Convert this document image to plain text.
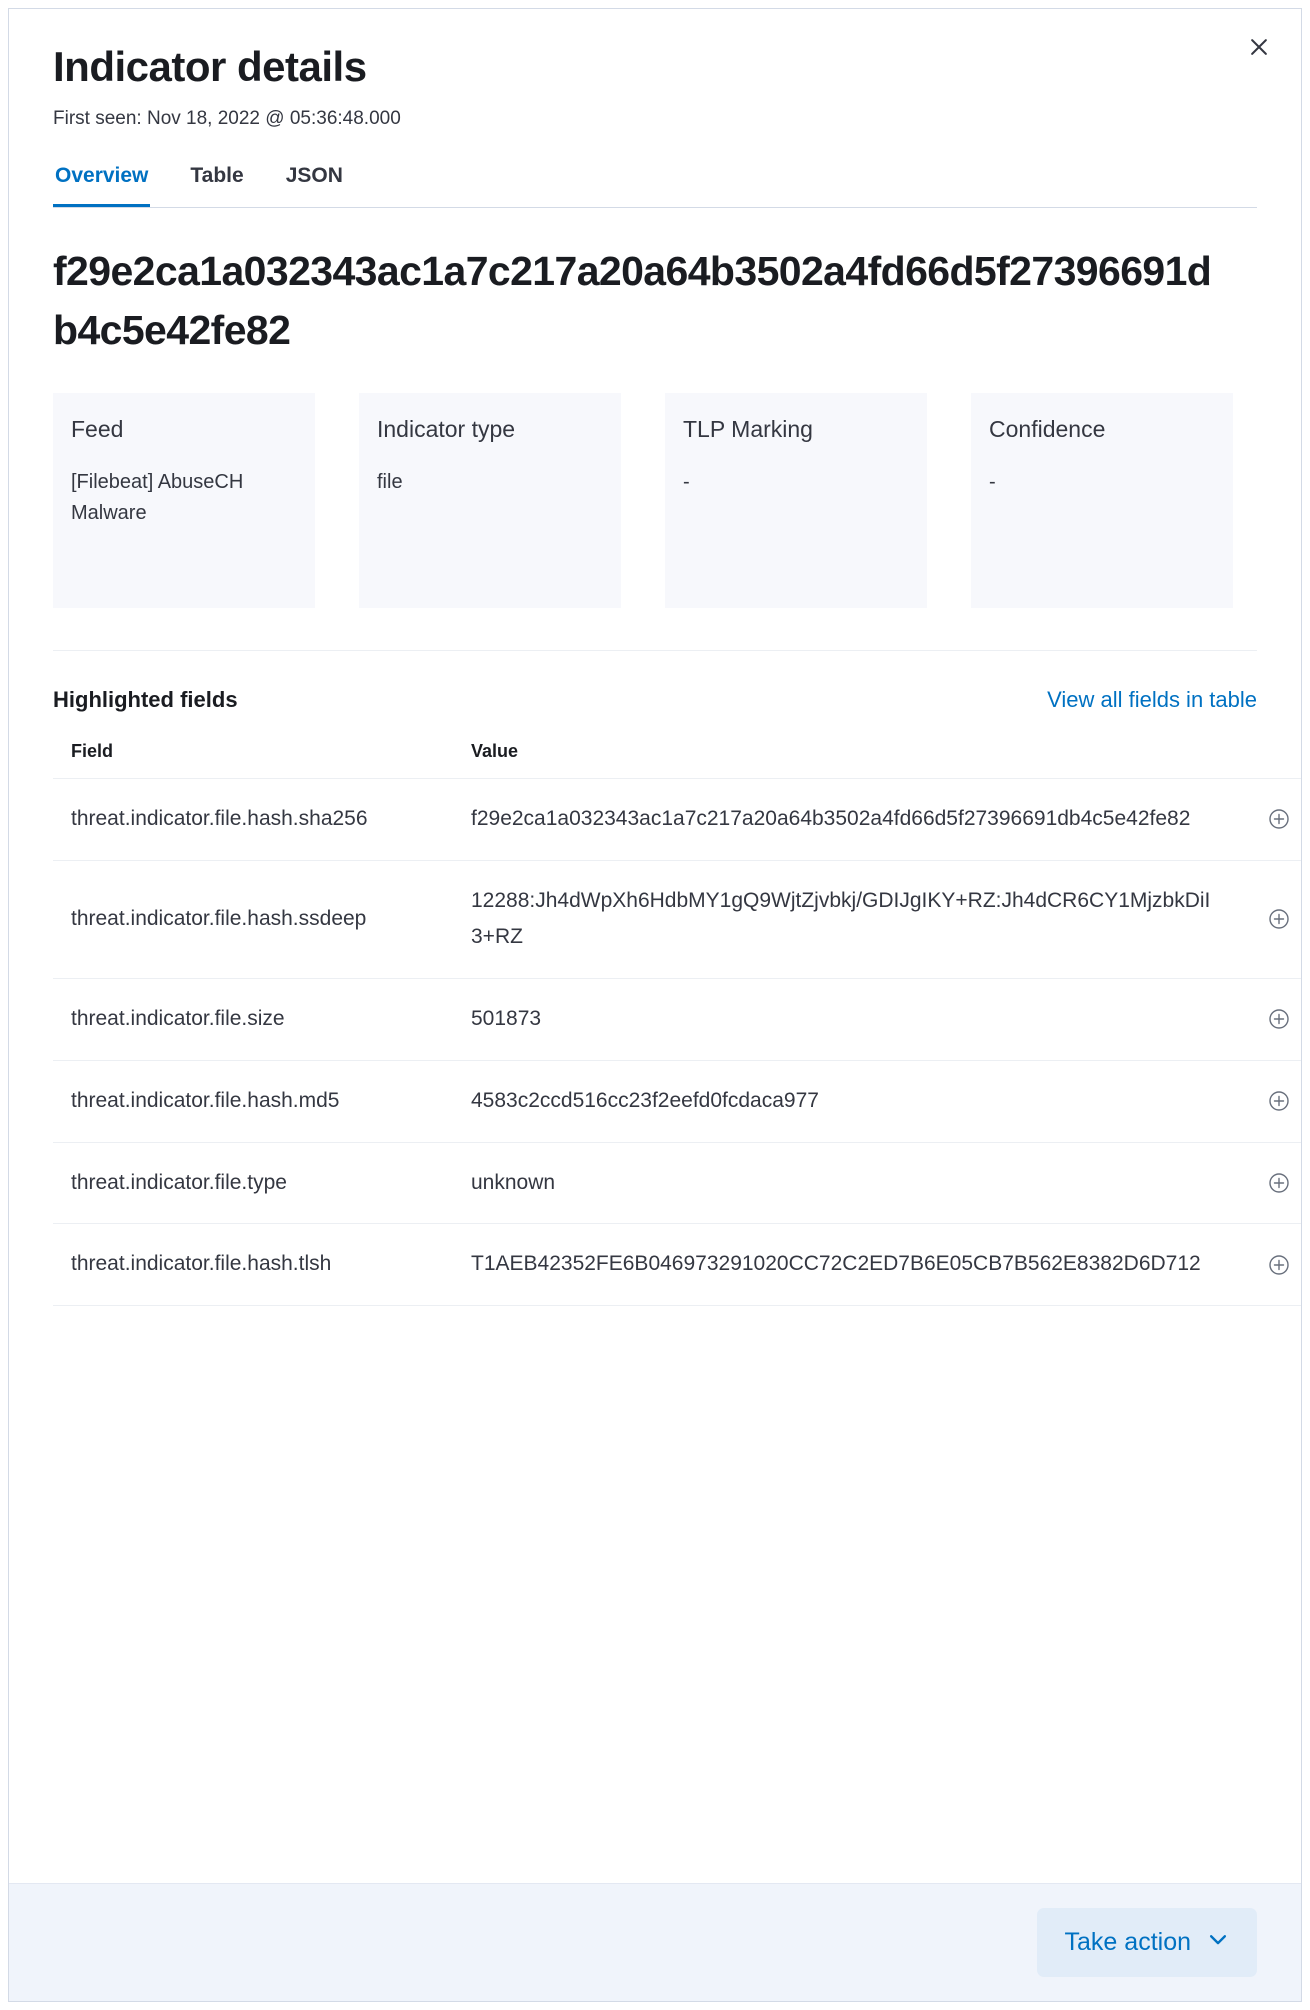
Indicator details
First seen: Nov 18, 2022 @ 05:36:48.000
Overview Table JSON
f29e2ca1a032343ac1a7c217a20a64b3502a4fd66d5f27396691db4c5e42fe82
Feed
[Filebeat] AbuseCH Malware
Indicator type
file
TLP Marking
-
Confidence
-
Highlighted fields	View all fields in table
Field	Value	
threat.indicator.file.hash.sha256	f29e2ca1a032343ac1a7c217a20a64b3502a4fd66d5f27396691db4c5e42fe82	

threat.indicator.file.hash.ssdeep	12288:Jh4dWpXh6HdbMY1gQ9WjtZjvbkj/GDIJgIKY+RZ:Jh4dCR6CY1MjzbkDiI3+RZ	

threat.indicator.file.size	501873	

threat.indicator.file.hash.md5	4583c2ccd516cc23f2eefd0fcdaca977	

threat.indicator.file.type	unknown	

threat.indicator.file.hash.tlsh	T1AEB42352FE6B046973291020CC72C2ED7B6E05CB7B562E8382D6D712	
Take action
